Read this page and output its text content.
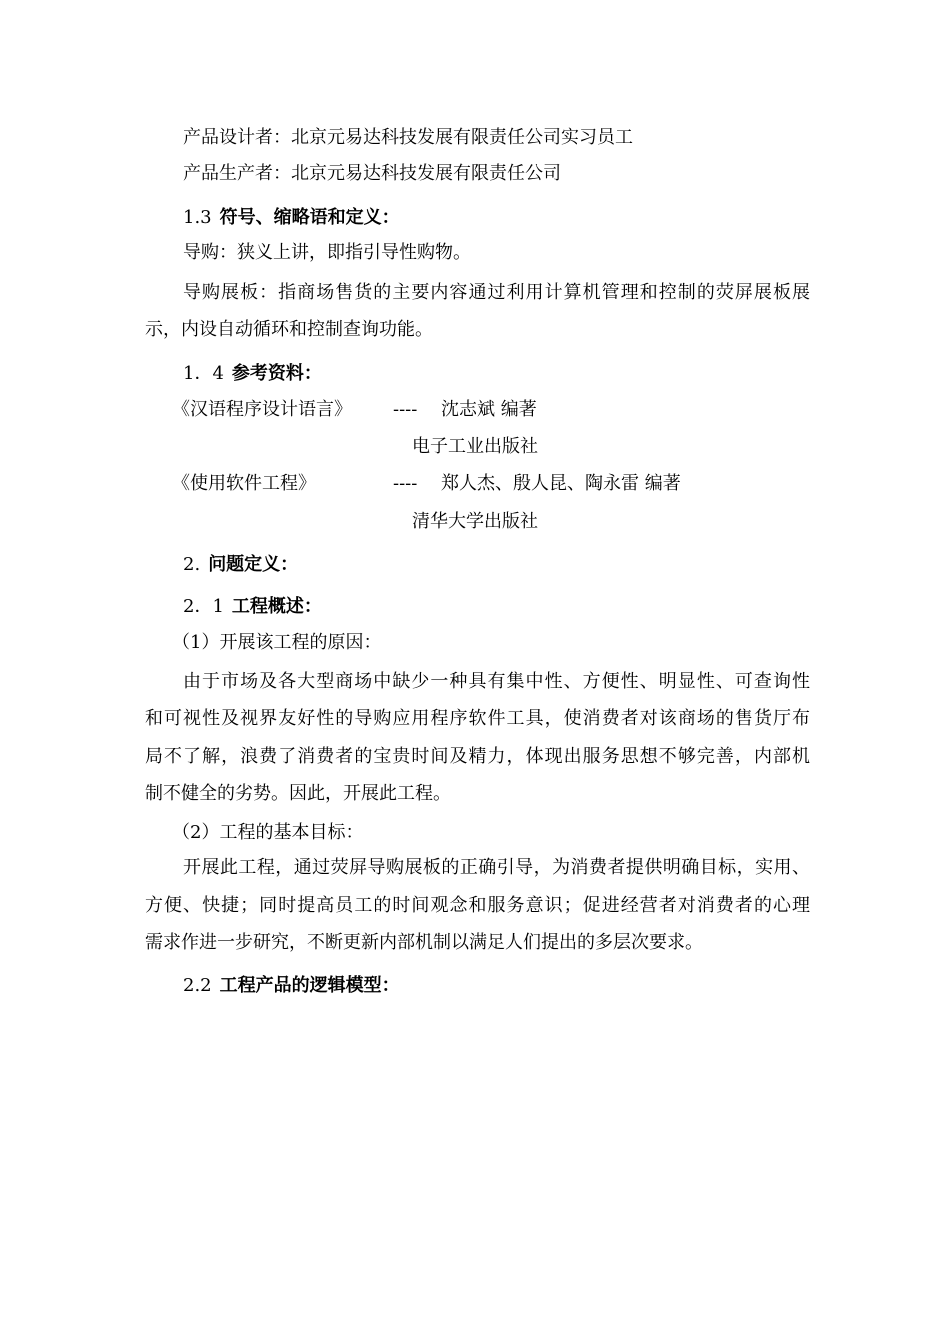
产品设计者：北京元易达科技发展有限责任公司实习员工
产品生产者：北京元易达科技发展有限责任公司
1.3 符号、缩略语和定义：
导购：狭义上讲，即指引导性购物。
导购展板：指商场售货的主要内容通过利用计算机管理和控制的荧屏展板展
示，内设自动循环和控制查询功能。
1．4 参考资料：
《汉语程序设计语言》 ---- 沈志斌 编著
电子工业出版社
《使用软件工程》	---- 郑人杰、殷人昆、陶永雷 编著
清华大学出版社
2. 问题定义：
2．1 工程概述：
（1）开展该工程的原因：
由于市场及各大型商场中缺少一种具有集中性、方便性、明显性、可查询性
和可视性及视界友好性的导购应用程序软件工具，使消费者对该商场的售货厅布
局不了解，浪费了消费者的宝贵时间及精力，体现出服务思想不够完善，内部机
制不健全的劣势。因此，开展此工程。
（2）工程的基本目标：
开展此工程，通过荧屏导购展板的正确引导，为消费者提供明确目标，实用、
方便、快捷；同时提高员工的时间观念和服务意识；促进经营者对消费者的心理
需求作进一步研究，不断更新内部机制以满足人们提出的多层次要求。
2.2 工程产品的逻辑模型：
